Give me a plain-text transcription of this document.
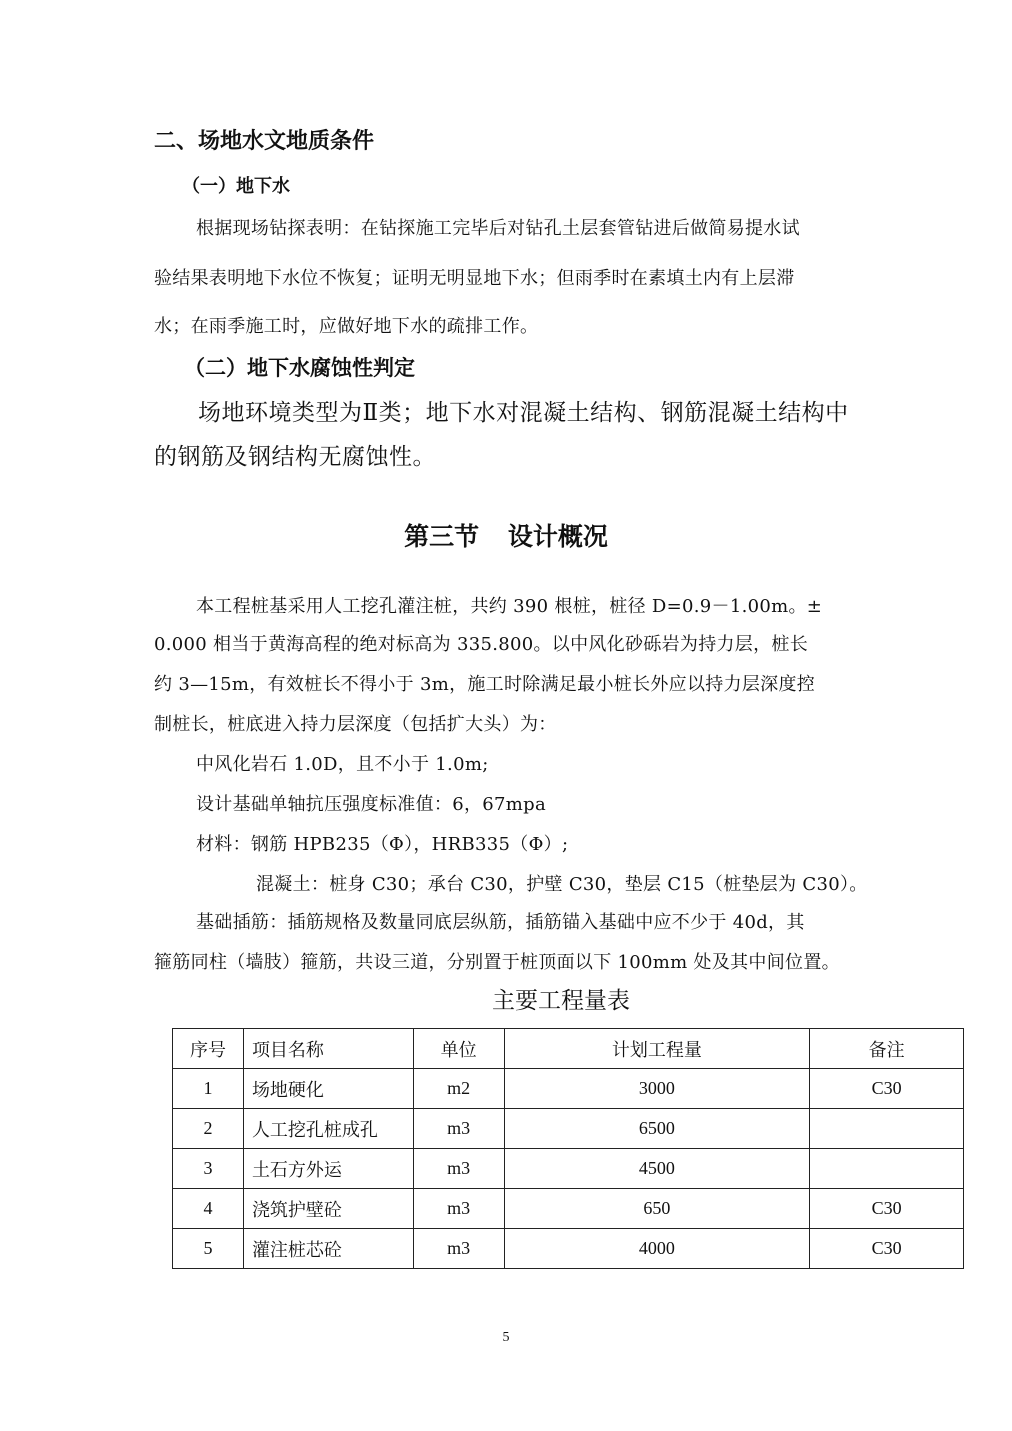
二、场地水文地质条件
（一）地下水
根据现场钻探表明：在钻探施工完毕后对钻孔土层套管钻进后做简易提水试
验结果表明地下水位不恢复；证明无明显地下水；但雨季时在素填土内有上层滞
水；在雨季施工时，应做好地下水的疏排工作。
（二）地下水腐蚀性判定
场地环境类型为Ⅱ类；地下水对混凝土结构、钢筋混凝土结构中
的钢筋及钢结构无腐蚀性。
第三节 设计概况
本工程桩基采用人工挖孔灌注桩，共约 390 根桩，桩径 D=0.9－1.00m。±
0.000 相当于黄海高程的绝对标高为 335.800。以中风化砂砾岩为持力层，桩长
约 3—15m，有效桩长不得小于 3m，施工时除满足最小桩长外应以持力层深度控
制桩长，桩底进入持力层深度（包括扩大头）为：
中风化岩石 1.0D，且不小于 1.0m;
设计基础单轴抗压强度标准值：6，67mpa
材料：钢筋 HPB235（Φ），HRB335（Φ）;
混凝土：桩身 C30；承台 C30，护壁 C30，垫层 C15（桩垫层为 C30）。
基础插筋：插筋规格及数量同底层纵筋，插筋锚入基础中应不少于 40d，其
箍筋同柱（墙肢）箍筋，共设三道，分别置于桩顶面以下 100mm 处及其中间位置。
主要工程量表
序号	项目名称	单位	计划工程量	备注
1	场地硬化	m2	3000	C30
2	人工挖孔桩成孔	m3	6500	
3	土石方外运	m3	4500	
4	浇筑护壁砼	m3	650	C30
5	灌注桩芯砼	m3	4000	C30
5
